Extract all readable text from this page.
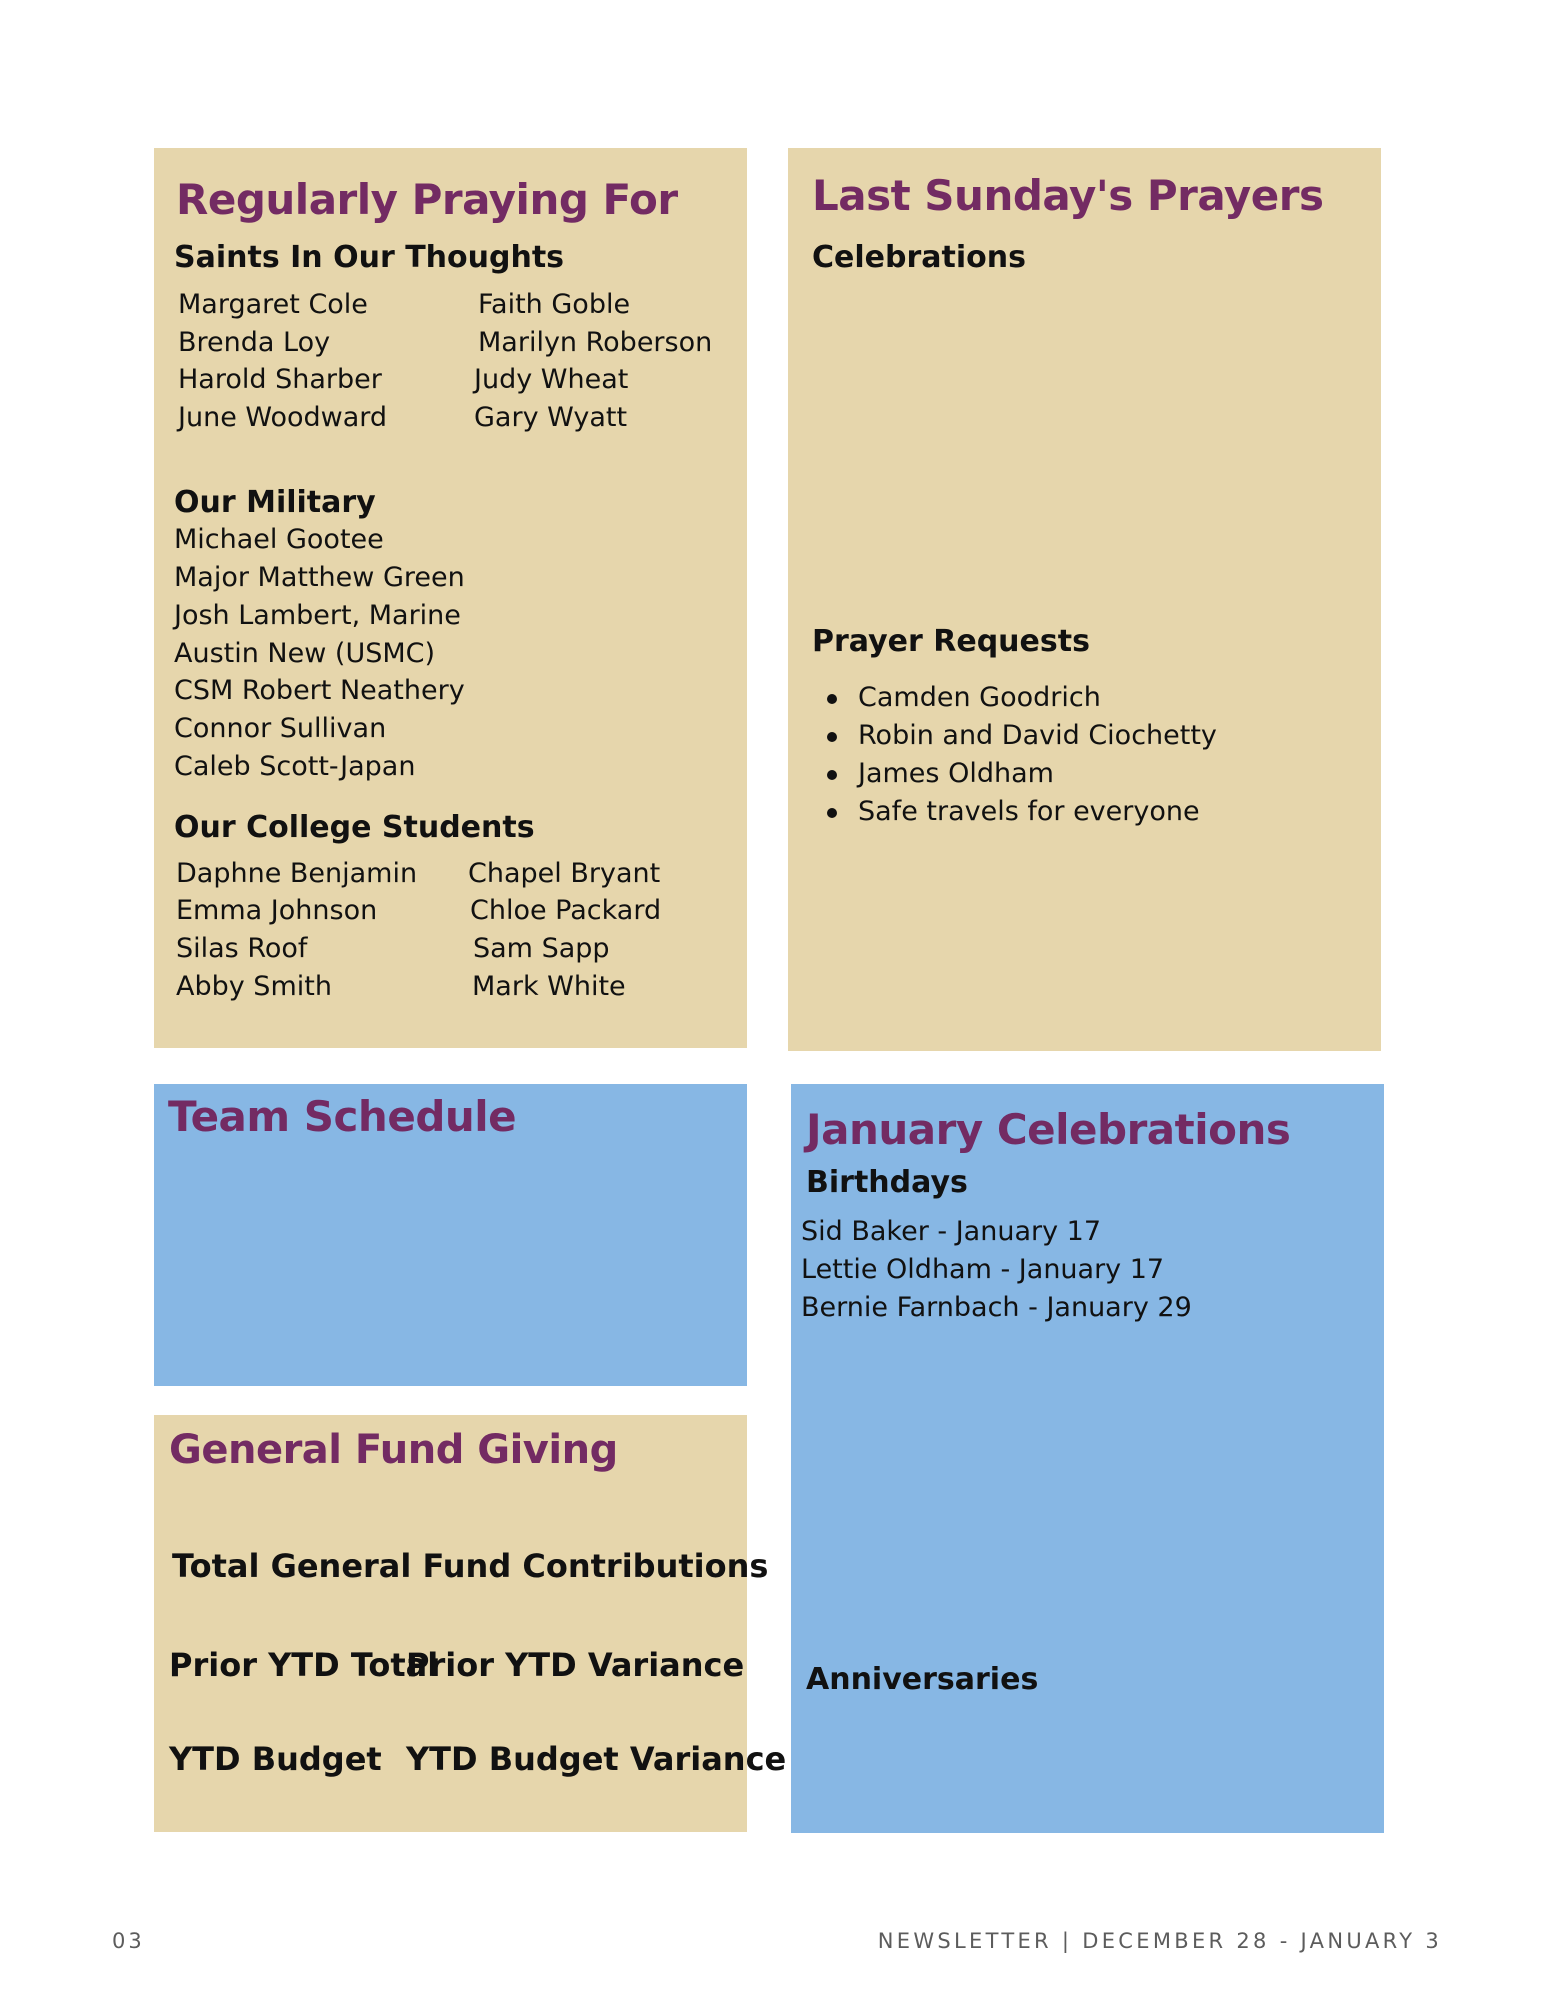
Regularly Praying For
Saints In Our Thoughts

Margaret Cole

Brenda Loy

Harold Sharber

June Woodward

Faith Goble

Marilyn Roberson

Judy Wheat

Gary Wyatt

Our Military

Michael Gootee

Major Matthew Green

Josh Lambert, Marine

Austin New (USMC)

CSM Robert Neathery

Connor Sullivan

Caleb Scott-Japan

Our College Students

Daphne Benjamin

Emma Johnson

Silas Roof

Abby Smith

Chapel Bryant

Chloe Packard

Sam Sapp

Mark White

Last Sunday's Prayers
Celebrations
Prayer Requests

Camden Goodrich

Robin and David Ciochetty

James Oldham

Safe travels for everyone

Team Schedule
General Fund Giving

Total General Fund Contributions

Prior YTD Total

Prior YTD Variance

YTD Budget YTD Budget Variance

January Celebrations
Birthdays

Sid Baker - January 17

Lettie Oldham - January 17

Bernie Farnbach - January 29

Anniversaries

03	NEWSLETTER | DECEMBER 28 - JANUARY 3
